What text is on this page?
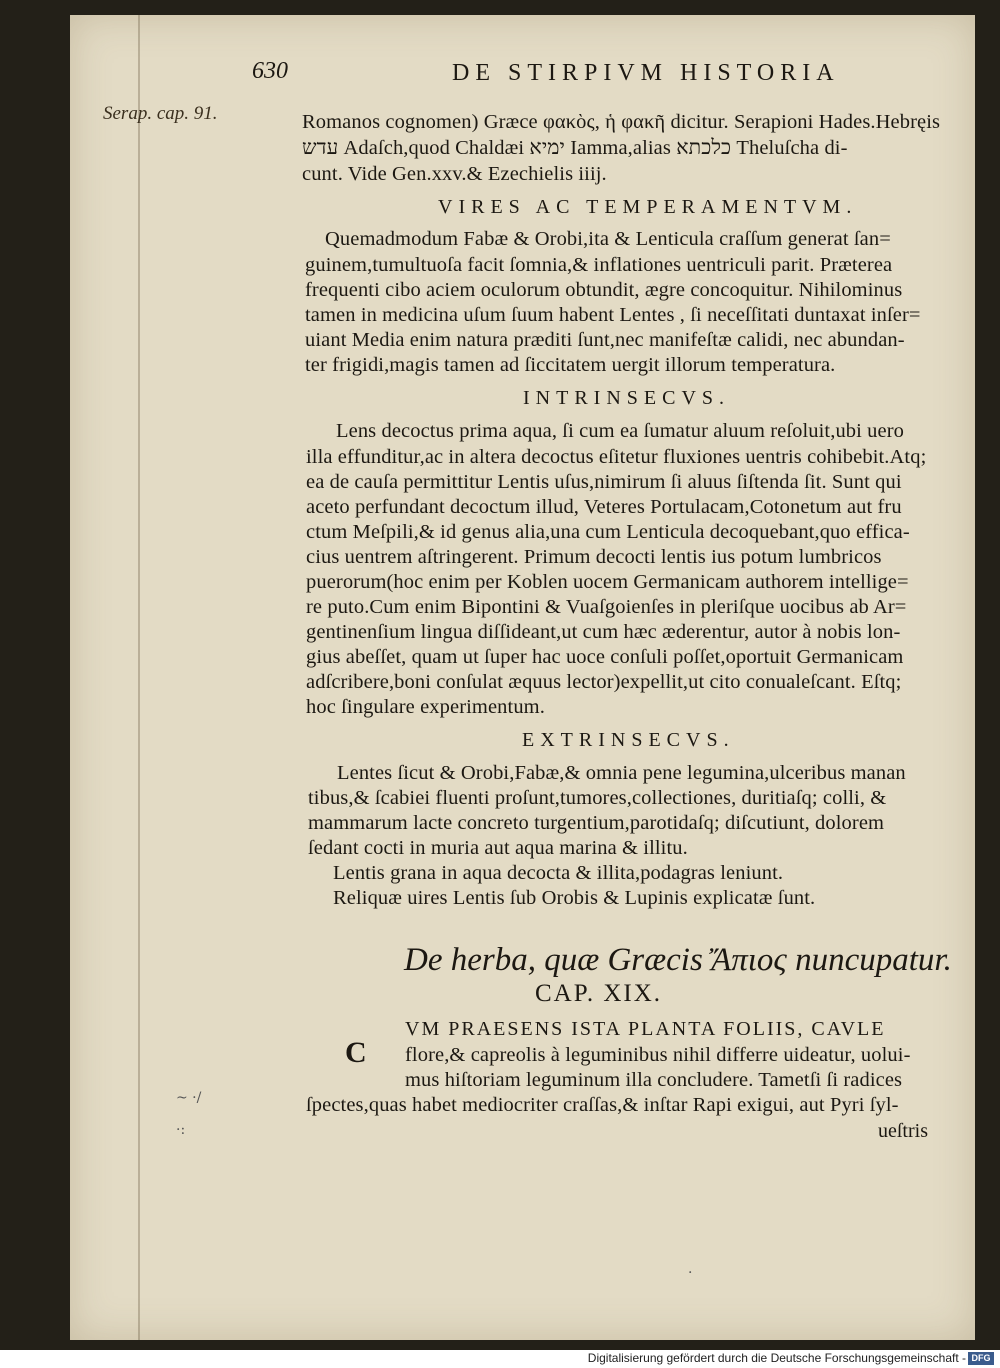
630	DE STIRPIVM HISTORIA
Serap. cap. 91.	Romanos cognomen) Græce φακὸς, ἡ φακῆ dicitur. Serapioni Hades.Hebręis
עדש Adaſch,quod Chaldæi ימיא Iamma,alias כלכתא Theluſcha di-
cunt. Vide Gen.xxv.& Ezechielis iiij.
VIRES AC TEMPERAMENTVM.
Quemadmodum Fabæ & Orobi,ita & Lenticula craſſum generat ſan=
guinem,tumultuoſa facit ſomnia,& inflationes uentriculi parit. Præterea
frequenti cibo aciem oculorum obtundit, ægre concoquitur. Nihilominus
tamen in medicina uſum ſuum habent Lentes , ſi neceſſitati duntaxat inſer=
uiant Media enim natura præditi ſunt,nec manifeſtæ calidi, nec abundan-
ter frigidi,magis tamen ad ſiccitatem uergit illorum temperatura.
INTRINSECVS.
Lens decoctus prima aqua, ſi cum ea ſumatur aluum reſoluit,ubi uero
illa effunditur,ac in altera decoctus eſitetur fluxiones uentris cohibebit.Atq;
ea de cauſa permittitur Lentis uſus,nimirum ſi aluus ſiſtenda ſit. Sunt qui
aceto perfundant decoctum illud, Veteres Portulacam,Cotonetum aut fru
ctum Meſpili,& id genus alia,una cum Lenticula decoquebant,quo effica-
cius uentrem aſtringerent. Primum decocti lentis ius potum lumbricos
puerorum(hoc enim per Koblen uocem Germanicam authorem intellige=
re puto.Cum enim Bipontini & Vuaſgoienſes in pleriſque uocibus ab Ar=
gentinenſium lingua diſſideant,ut cum hæc æderentur, autor à nobis lon-
gius abeſſet, quam ut ſuper hac uoce conſuli poſſet,oportuit Germanicam
adſcribere,boni conſulat æquus lector)expellit,ut cito conualeſcant. Eſtq;
hoc ſingulare experimentum.
EXTRINSECVS.
Lentes ſicut & Orobi,Fabæ,& omnia pene legumina,ulceribus manan
tibus,& ſcabiei fluenti proſunt,tumores,collectiones, duritiaſq; colli, &
mammarum lacte concreto turgentium,parotidaſq; diſcutiunt, dolorem
ſedant cocti in muria aut aqua marina & illitu.
Lentis grana in aqua decocta & illita,podagras leniunt.
Reliquæ uires Lentis ſub Orobis & Lupinis explicatæ ſunt.
De herba, quæ Græcis Ἄπιος nuncupatur.
CAP. XIX.
C
VM PRAESENS ISTA PLANTA FOLIIS, CAVLE
flore,& capreolis à leguminibus nihil differre uideatur, uolui-
mus hiſtoriam leguminum illa concludere. Tametſi ſi radices
ſpectes,quas habet mediocriter craſſas,& inſtar Rapi exigui, aut Pyri ſyl-
ueſtris
~ ·/
·:
·
Digitalisierung gefördert durch die Deutsche Forschungsgemeinschaft - DFG
